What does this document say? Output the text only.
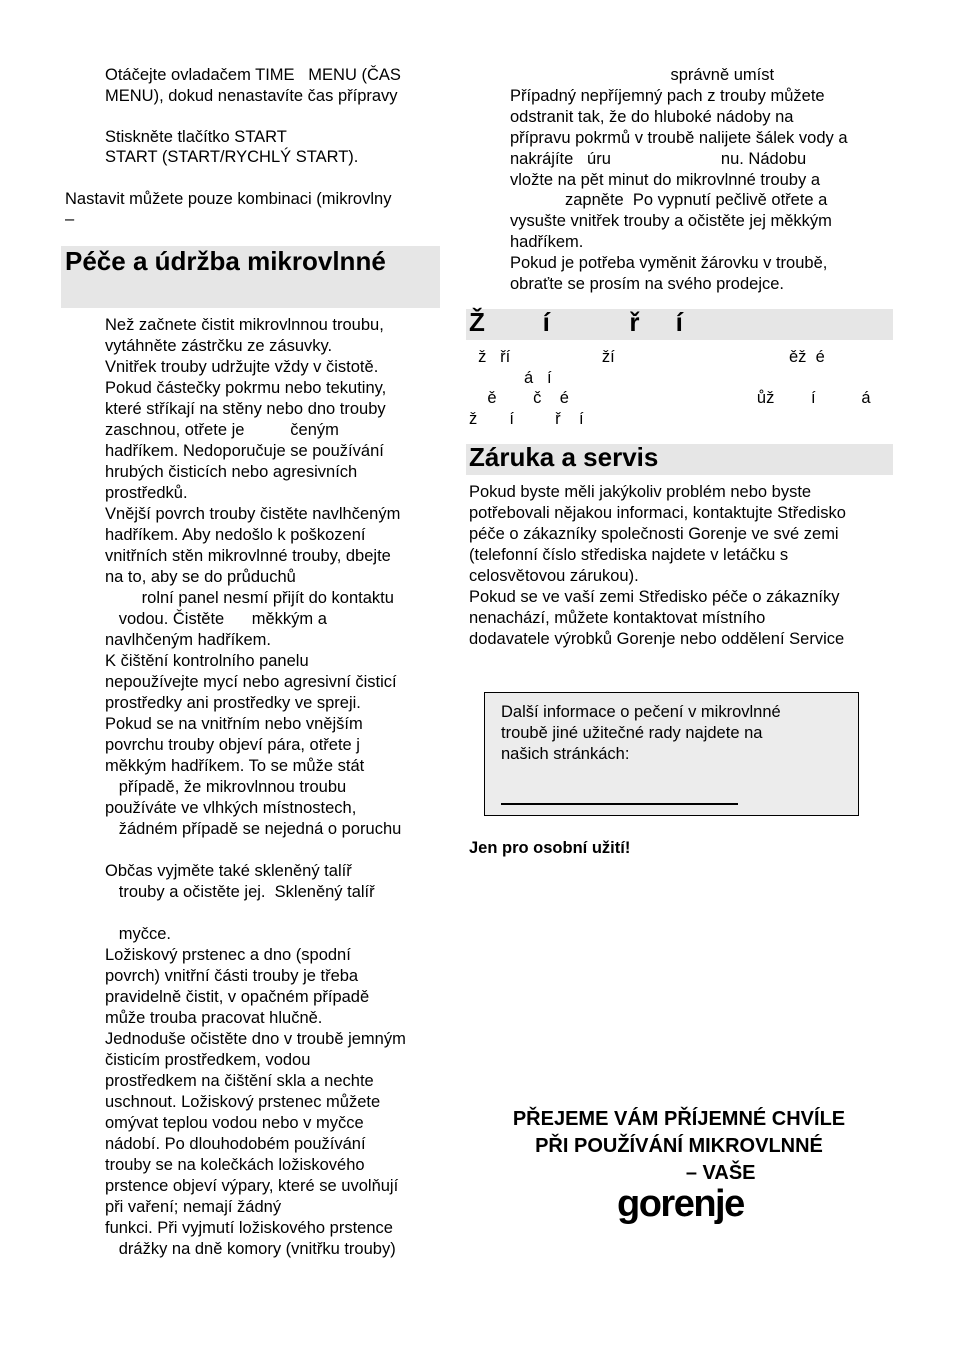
Otáčejte ovladačem TIME   MENU (ČAS
MENU), dokud nenastavíte čas přípravy
Stiskněte tlačítko START
START (START/RYCHLÝ START).
Nastavit můžete pouze kombinaci (mikrovlny
–
Péče a údržba mikrovlnné
Než začnete čistit mikrovlnnou troubu,
vytáhněte zástrčku ze zásuvky.
Vnitřek trouby udržujte vždy v čistotě.
Pokud částečky pokrmu nebo tekutiny,
které stříkají na stěny nebo dno trouby
zaschnou, otřete je          čeným
hadříkem. Nedoporučuje se používání
hrubých čisticích nebo agresivních
prostředků.
Vnější povrch trouby čistěte navlhčeným
hadříkem. Aby nedošlo k poškození
vnitřních stěn mikrovlnné trouby, dbejte
na to, aby se do průduchů
rolní panel nesmí přijít do kontaktu
vodou. Čistěte      měkkým a
navlhčeným hadříkem.
K čištění kontrolního panelu
nepoužívejte mycí nebo agresivní čisticí
prostředky ani prostředky ve spreji.
Pokud se na vnitřním nebo vnějším
povrchu trouby objeví pára, otřete j
měkkým hadříkem. To se může stát
případě, že mikrovlnnou troubu
používáte ve vlhkých místnostech,
žádném případě se nejedná o poruchu
Občas vyjměte také skleněný talíř
trouby a očistěte jej.  Skleněný talíř
myčce.
Ložiskový prstenec a dno (spodní
povrch) vnitřní části trouby je třeba
pravidelně čistit, v opačném případě
může trouba pracovat hlučně.
Jednoduše očistěte dno v troubě jemným
čisticím prostředkem, vodou
prostředkem na čištění skla a nechte
uschnout. Ložiskový prstenec můžete
omývat teplou vodou nebo v myčce
nádobí. Po dlouhodobém používání
trouby se na kolečkách ložiskového
prstence objeví výpary, které se uvolňují
při vaření; nemají žádný
funkci. Při vyjmutí ložiskového prstence
drážky na dně komory (vnitřku trouby)
správně umíst
Případný nepříjemný pach z trouby můžete
odstranit tak, že do hluboké nádoby na
přípravu pokrmů v troubě nalijete šálek vody a
nakrájíte   úru                        nu. Nádobu
vložte na pět minut do mikrovlnné trouby a
zapněte  Po vypnutí pečlivě otřete a
vysušte vnitřek trouby a očistěte jej měkkým
hadříkem.
Pokud je potřeba vyměnit žárovku v troubě,
obraťte se prosím na svého prodejce.
Ž        í           ř     í
ž   ří                    ží                                      ěž  é
á   í
ě        č    é                                         ůž        í          á
ž       í         ř    í
Záruka a servis
Pokud byste měli jakýkoliv problém nebo byste
potřebovali nějakou informaci, kontaktujte Středisko
péče o zákazníky společnosti Gorenje ve své zemi
(telefonní číslo střediska najdete v letáčku s
celosvětovou zárukou).
Pokud se ve vaší zemi Středisko péče o zákazníky
nenachází, můžete kontaktovat místního
dodavatele výrobků Gorenje nebo oddělení Service
Další informace o pečení v mikrovlnné
troubě jiné užitečné rady najdete na
našich stránkách:
Jen pro osobní užití!
PŘEJEME VÁM PŘÍJEMNÉ CHVÍLE
PŘI POUŽÍVÁNÍ MIKROVLNNÉ
– VAŠE
gorenje
